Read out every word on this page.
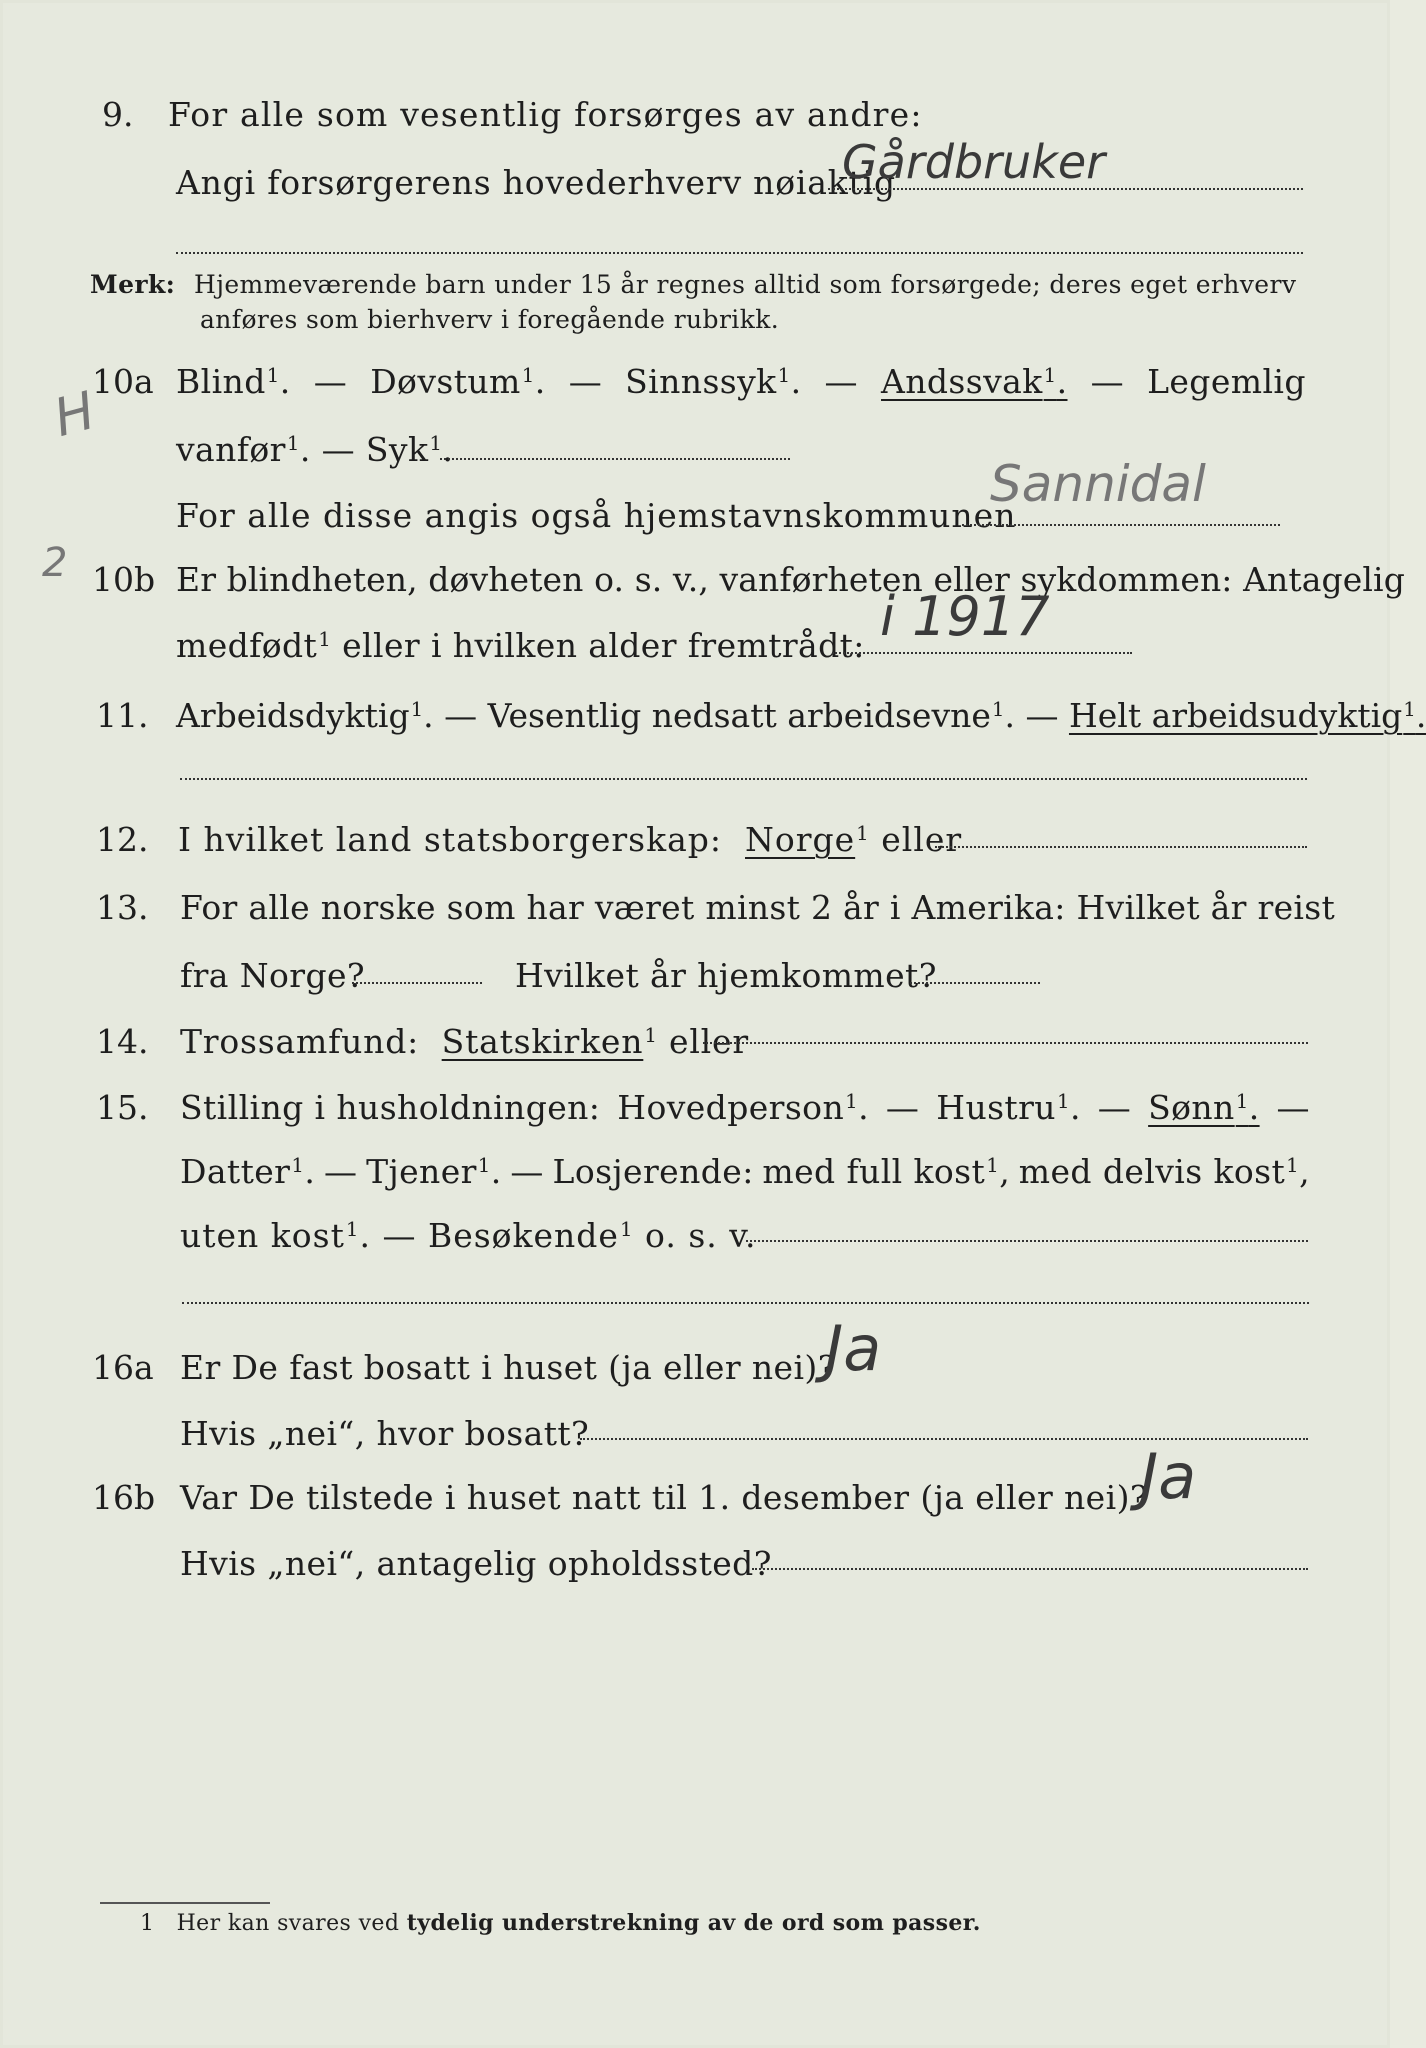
9. For alle som vesentlig forsørges av andre:
Angi forsørgerens hovederhverv nøiaktig
Gårdbruker
Merk: Hjemmeværende barn under 15 år regnes alltid som forsørgede; deres eget erhverv
anføres som bierhverv i foregående rubrikk.
10a Blind$^1$. — Døvstum$^1$. — Sinnssyk$^1$. — Andssvak$^1$. — Legemlig
vanfør$^1$. — Syk$^1$.
For alle disse angis også hjemstavnskommunen
Sannidal
10b Er blindheten, døvheten o. s. v., vanførheten eller sykdommen: Antagelig
medfødt$^1$ eller i hvilken alder fremtrådt: i 1917
11. Arbeidsdyktig$^1$. — Vesentlig nedsatt arbeidsevne$^1$. — Helt arbeidsudyktig$^1$.
12. I hvilket land statsborgerskap: Norge$^1$ eller
13. For alle norske som har været minst 2 år i Amerika: Hvilket år reist
fra Norge?	Hvilket år hjemkommet?
14. Trossamfund: Statskirken$^1$ eller
15. Stilling i husholdningen: Hovedperson$^1$. — Hustru$^1$. — Sønn$^1$. —
Datter$^1$. — Tjener$^1$. — Losjerende: med full kost$^1$, med delvis kost$^1$,
uten kost$^1$. — Besøkende$^1$ o. s. v.
16a Er De fast bosatt i huset (ja eller nei)?
Ja
Hvis „nei“, hvor bosatt?
16b Var De tilstede i huset natt til 1. desember (ja eller nei)?
Ja
Hvis „nei“, antagelig opholdssted?
H
2
1 Her kan svares ved tydelig understrekning av de ord som passer.
